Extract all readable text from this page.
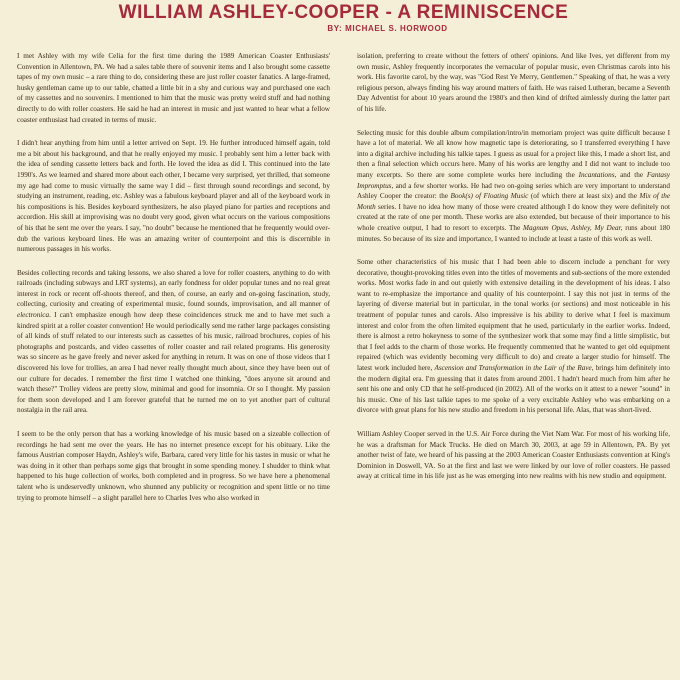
WILLIAM ASHLEY-COOPER - A REMINISCENCE
BY: MICHAEL S. HORWOOD

I met Ashley with my wife Celia for the first time during the 1989 American Coaster Enthusiasts' Convention in Allentown, PA. We had a sales table there of souvenir items and I also brought some cassette tapes of my own music – a rare thing to do, considering these are just roller coaster fanatics. A large-framed, husky gentleman came up to our table, chatted a little bit in a shy and curious way and purchased one each of my cassettes and no souvenirs. I mentioned to him that the music was pretty weird stuff and had nothing directly to do with roller coasters. He said he had an interest in music and just wanted to hear what a fellow coaster enthusiast had created in terms of music.

I didn't hear anything from him until a letter arrived on Sept. 19. He further introduced himself again, told me a bit about his background, and that he really enjoyed my music. I probably sent him a letter back with the idea of sending cassette letters back and forth. He loved the idea as did I. This continued into the late 1990's. As we learned and shared more about each other, I became very surprised, yet thrilled, that someone my age had come to music virtually the same way I did – first through sound recordings and second, by studying an instrument, reading, etc. Ashley was a fabulous keyboard player and all of the keyboard work in his compositions is his. Besides keyboard synthesizers, he also played piano for parties and receptions and accordion. His skill at improvising was no doubt very good, given what occurs on the various compositions of his that he sent me over the years. I say, "no doubt" because he mentioned that he frequently would over-dub the various keyboard lines. He was an amazing writer of counterpoint and this is discernible in numerous passages in his works.

Besides collecting records and taking lessons, we also shared a love for roller coasters, anything to do with railroads (including subways and LRT systems), an early fondness for older popular tunes and no real great interest in rock or recent off-shoots thereof, and then, of course, an early and on-going fascination, study, collecting, curiosity and creating of experimental music, found sounds, improvisation, and all manner of electronica. I can't emphasize enough how deep these coincidences struck me and to have met such a kindred spirit at a roller coaster convention! He would periodically send me rather large packages consisting of all kinds of stuff related to our interests such as cassettes of his music, railroad brochures, copies of his photographs and postcards, and video cassettes of roller coaster and rail related programs. His generosity was so sincere as he gave freely and never asked for anything in return. It was on one of those videos that I discovered his love for trollies, an area I had never really thought much about, since they have been out of our culture for decades. I remember the first time I watched one thinking, "does anyone sit around and watch these?" Trolley videos are pretty slow, minimal and good for insomnia. Or so I thought. My passion for them soon developed and I am forever grateful that he turned me on to yet another part of cultural nostalgia in the rail area.

I seem to be the only person that has a working knowledge of his music based on a sizeable collection of recordings he had sent me over the years. He has no internet presence except for his obituary. Like the famous Austrian composer Haydn, Ashley's wife, Barbara, cared very little for his tastes in music or what he was doing in it other than perhaps some gigs that brought in some spending money. I shudder to think what happened to his huge collection of works, both completed and in progress. So we have here a phenomenal talent who is undeservedly unknown, who shunned any publicity or recognition and spent little or no time trying to promote himself – a slight parallel here to Charles Ives who also worked in

isolation, preferring to create without the fetters of others' opinions. And like Ives, yet different from my own music, Ashley frequently incorporates the vernacular of popular music, even Christmas carols into his work. His favorite carol, by the way, was "God Rest Ye Merry, Gentlemen." Speaking of that, he was a very religious person, always finding his way around matters of faith. He was raised Lutheran, became a Seventh Day Adventist for about 10 years around the 1980's and then kind of drifted aimlessly during the latter part of his life.

Selecting music for this double album compilation/intro/in memoriam project was quite difficult because I have a lot of material. We all know how magnetic tape is deteriorating, so I transferred everything I have into a digital archive including his talkie tapes. I guess as usual for a project like this, I made a short list, and then a final selection which occurs here. Many of his works are lengthy and I did not want to include too many excerpts. So there are some complete works here including the Incantations, and the Fantasy Impromptus, and a few shorter works. He had two on-going series which are very important to understand Ashley Cooper the creator: the Book(s) of Floating Music (of which there at least six) and the Mix of the Month series. I have no idea how many of those were created although I do know they were definitely not created at the rate of one per month. These works are also extended, but because of their importance to his whole creative output, I had to resort to excerpts. The Magnum Opus, Ashley, My Dear, runs about 180 minutes. So because of its size and importance, I wanted to include at least a taste of this work as well.

Some other characteristics of his music that I had been able to discern include a penchant for very decorative, thought-provoking titles even into the titles of movements and sub-sections of the more extended works. Most works fade in and out quietly with extensive detailing in the development of his ideas. I also want to re-emphasize the importance and quality of his counterpoint. I say this not just in terms of the layering of diverse material but in particular, in the tonal works (or sections) and most noticeable in his treatment of popular tunes and carols. Also impressive is his ability to derive what I feel is maximum interest and color from the often limited equipment that he used, particularly in the earlier works. Indeed, there is almost a retro hokeyness to some of the synthesizer work that some may find a little simplistic, but that I feel adds to the charm of those works. He frequently commented that he wanted to get old equipment repaired (which was evidently becoming very difficult to do) and create a larger studio for himself. The latest work included here, Ascension and Transformation in the Lair of the Rave, brings him definitely into the modern digital era. I'm guessing that it dates from around 2001. I hadn't heard much from him after he sent his one and only CD that he self-produced (in 2002). All of the works on it attest to a newer "sound" in his music. One of his last talkie tapes to me spoke of a very excitable Ashley who was embarking on a divorce with great plans for his new studio and freedom in his personal life. Alas, that was short-lived.

William Ashley Cooper served in the U.S. Air Force during the Viet Nam War. For most of his working life, he was a draftsman for Mack Trucks. He died on March 30, 2003, at age 59 in Allentown, PA. By yet another twist of fate, we heard of his passing at the 2003 American Coaster Enthusiasts convention at King's Dominion in Doswell, VA. So at the first and last we were linked by our love of roller coasters. He passed away at critical time in his life just as he was emerging into new realms with his new studio and equipment.
